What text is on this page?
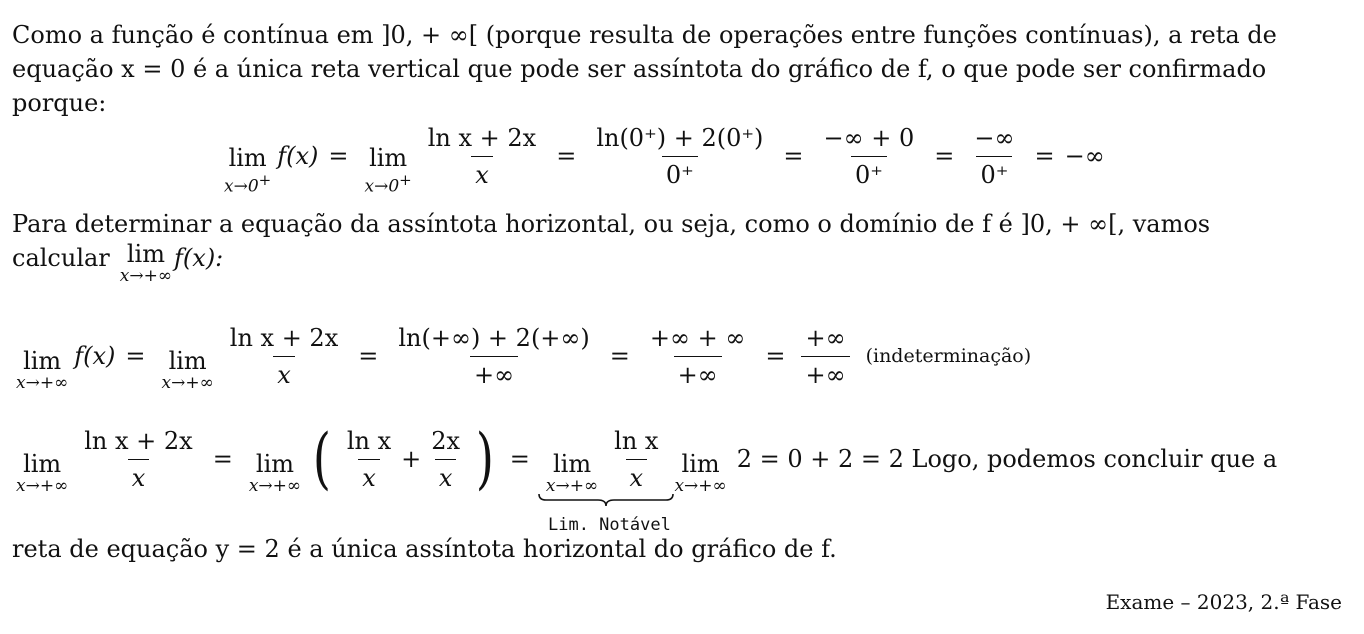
Como a função é contínua em ]0, + ∞[ (porque resulta de operações entre funções contínuas), a reta de
equação x = 0 é a única reta vertical que pode ser assíntota do gráfico de f, o que pode ser confirmado
porque:
lim
x→0+
f(x) = lim
$x\to 0+ \frac{\text{ln x + 2x}}{x} = \frac{\ln(0^+) + 2(0^+)}{0^+} = \frac{-\infty + 0}{0^+} = \frac{-\infty}{0^+}$ = −∞
Para determinar a equação da assíntota horizontal, ou seja, como o domínio de f é ]0, + ∞[, vamos
calcular lim
x→+∞
f(x):
lim
x→+∞
f(x) = lim
$x\to+\infty \frac{\text{ln x + 2x}}{x} = \frac{\ln(+\infty) + 2(+\infty)}{+\infty} = \frac{+\infty + \infty}{+\infty} = \frac{+\infty}{+\infty}$ (indeterminação)
lim
$x\to+\infty \frac{\text{ln x + 2x}}{x} = \lim$
x→+∞ ( $\frac{\text{ln x}}{x} + \frac{2x}{x}$ ) = lim
$x\to+\infty \frac{\text{ln x}}{x}$ lim
x→+∞
2 = 0 + 2 = 2 Logo, podemos concluir que a
Lim. Notável
reta de equação y = 2 é a única assíntota horizontal do gráfico de f.
Exame – 2023, 2.ª Fase
